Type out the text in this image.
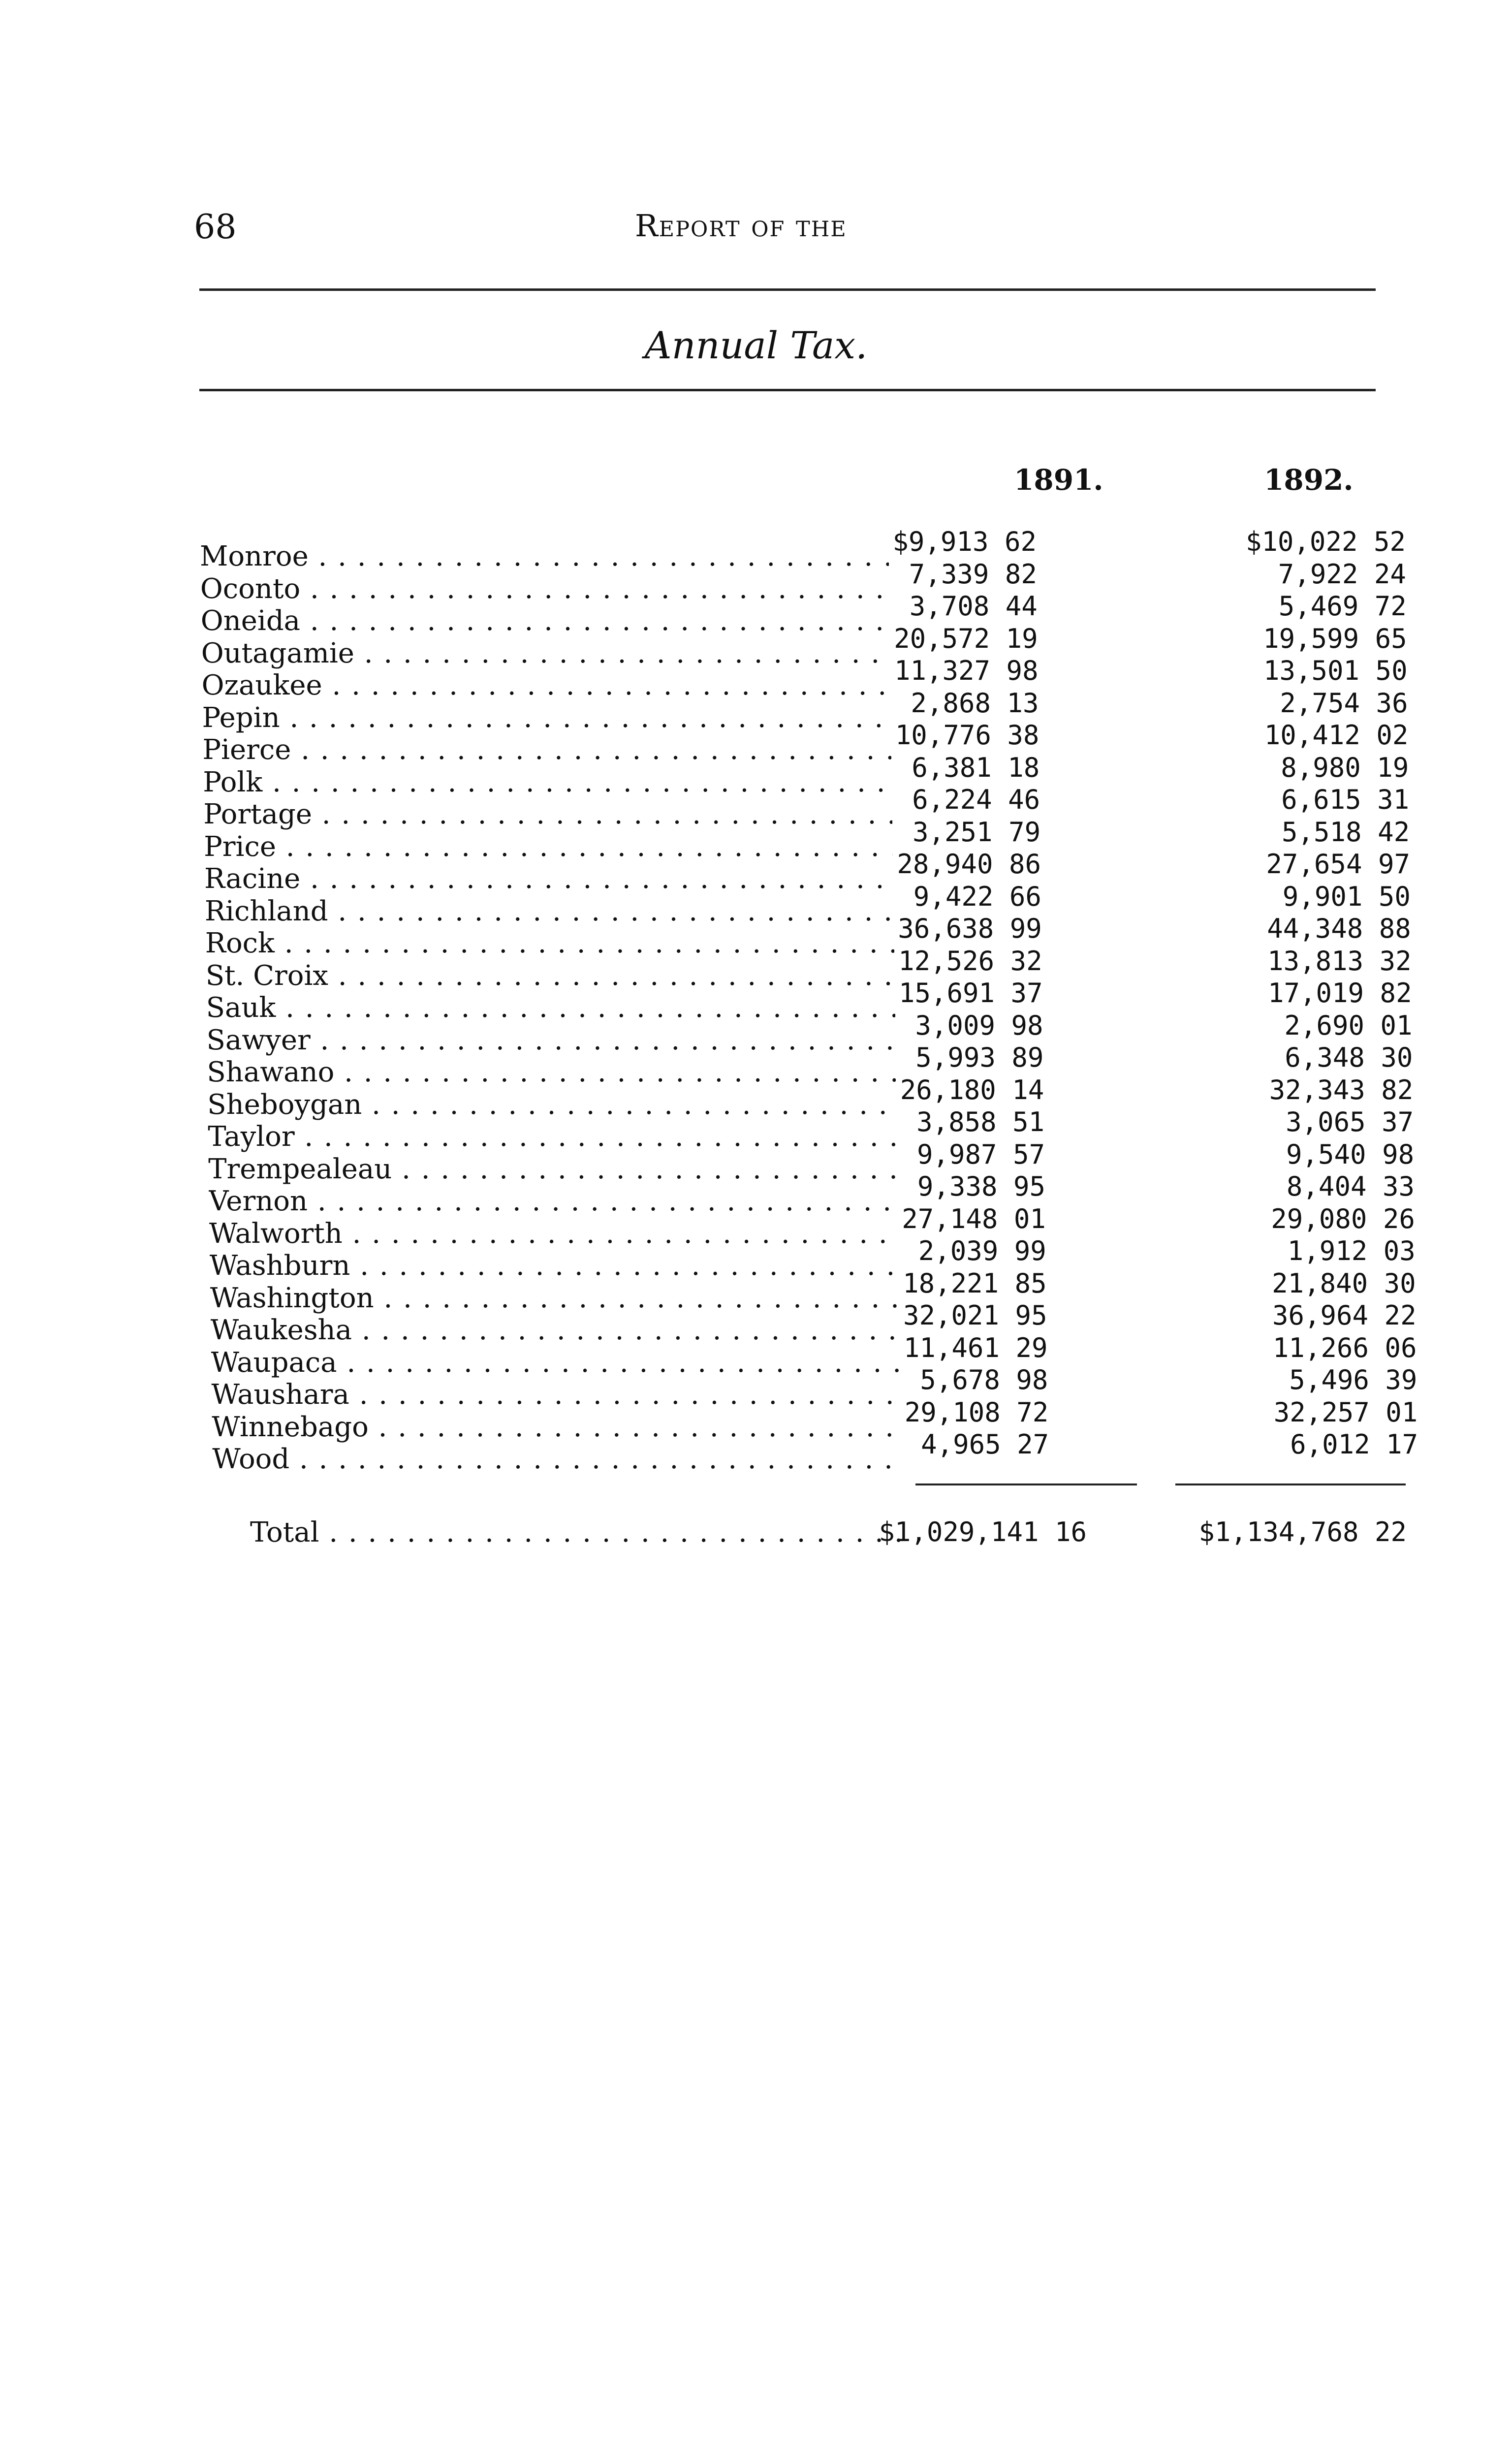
68	Report of the
Annual Tax.
1891.	1892.
Monroe . . .	$9,913 62	$10,022 52
Oconto . . .	7,339 82	7,922 24
Oneida . . .	3,708 44	5,469 72
Outagamie . . .	20,572 19	19,599 65
Ozaukee . . .	11,327 98	13,501 50
Pepin . . .	2,868 13	2,754 36
Pierce . . .	10,776 38	10,412 02
Polk . . .	6,381 18	8,980 19
Portage . . .	6,224 46	6,615 31
Price . . .	3,251 79	5,518 42
Racine . . .	28,940 86	27,654 97
Richland . . .	9,422 66	9,901 50
Rock . . .	36,638 99	44,348 88
St. Croix . . .	12,526 32	13,813 32
Sauk . . .	15,691 37	17,019 82
Sawyer . . .	3,009 98	2,690 01
Shawano . . .	5,993 89	6,348 30
Sheboygan . . .	26,180 14	32,343 82
Taylor . . .	3,858 51	3,065 37
Trempealeau . . .	9,987 57	9,540 98
Vernon . . .	9,338 95	8,404 33
Walworth . . .	27,148 01	29,080 26
Washburn . . .	2,039 99	1,912 03
Washington . . .	18,221 85	21,840 30
Waukesha . . .	32,021 95	36,964 22
Waupaca . . .	11,461 29	11,266 06
Waushara . . .	5,678 98	5,496 39
Winnebago . . .	29,108 72	32,257 01
Wood . . .	4,965 27	6,012 17
Total . . .	$1,029,141 16	$1,134,768 22
